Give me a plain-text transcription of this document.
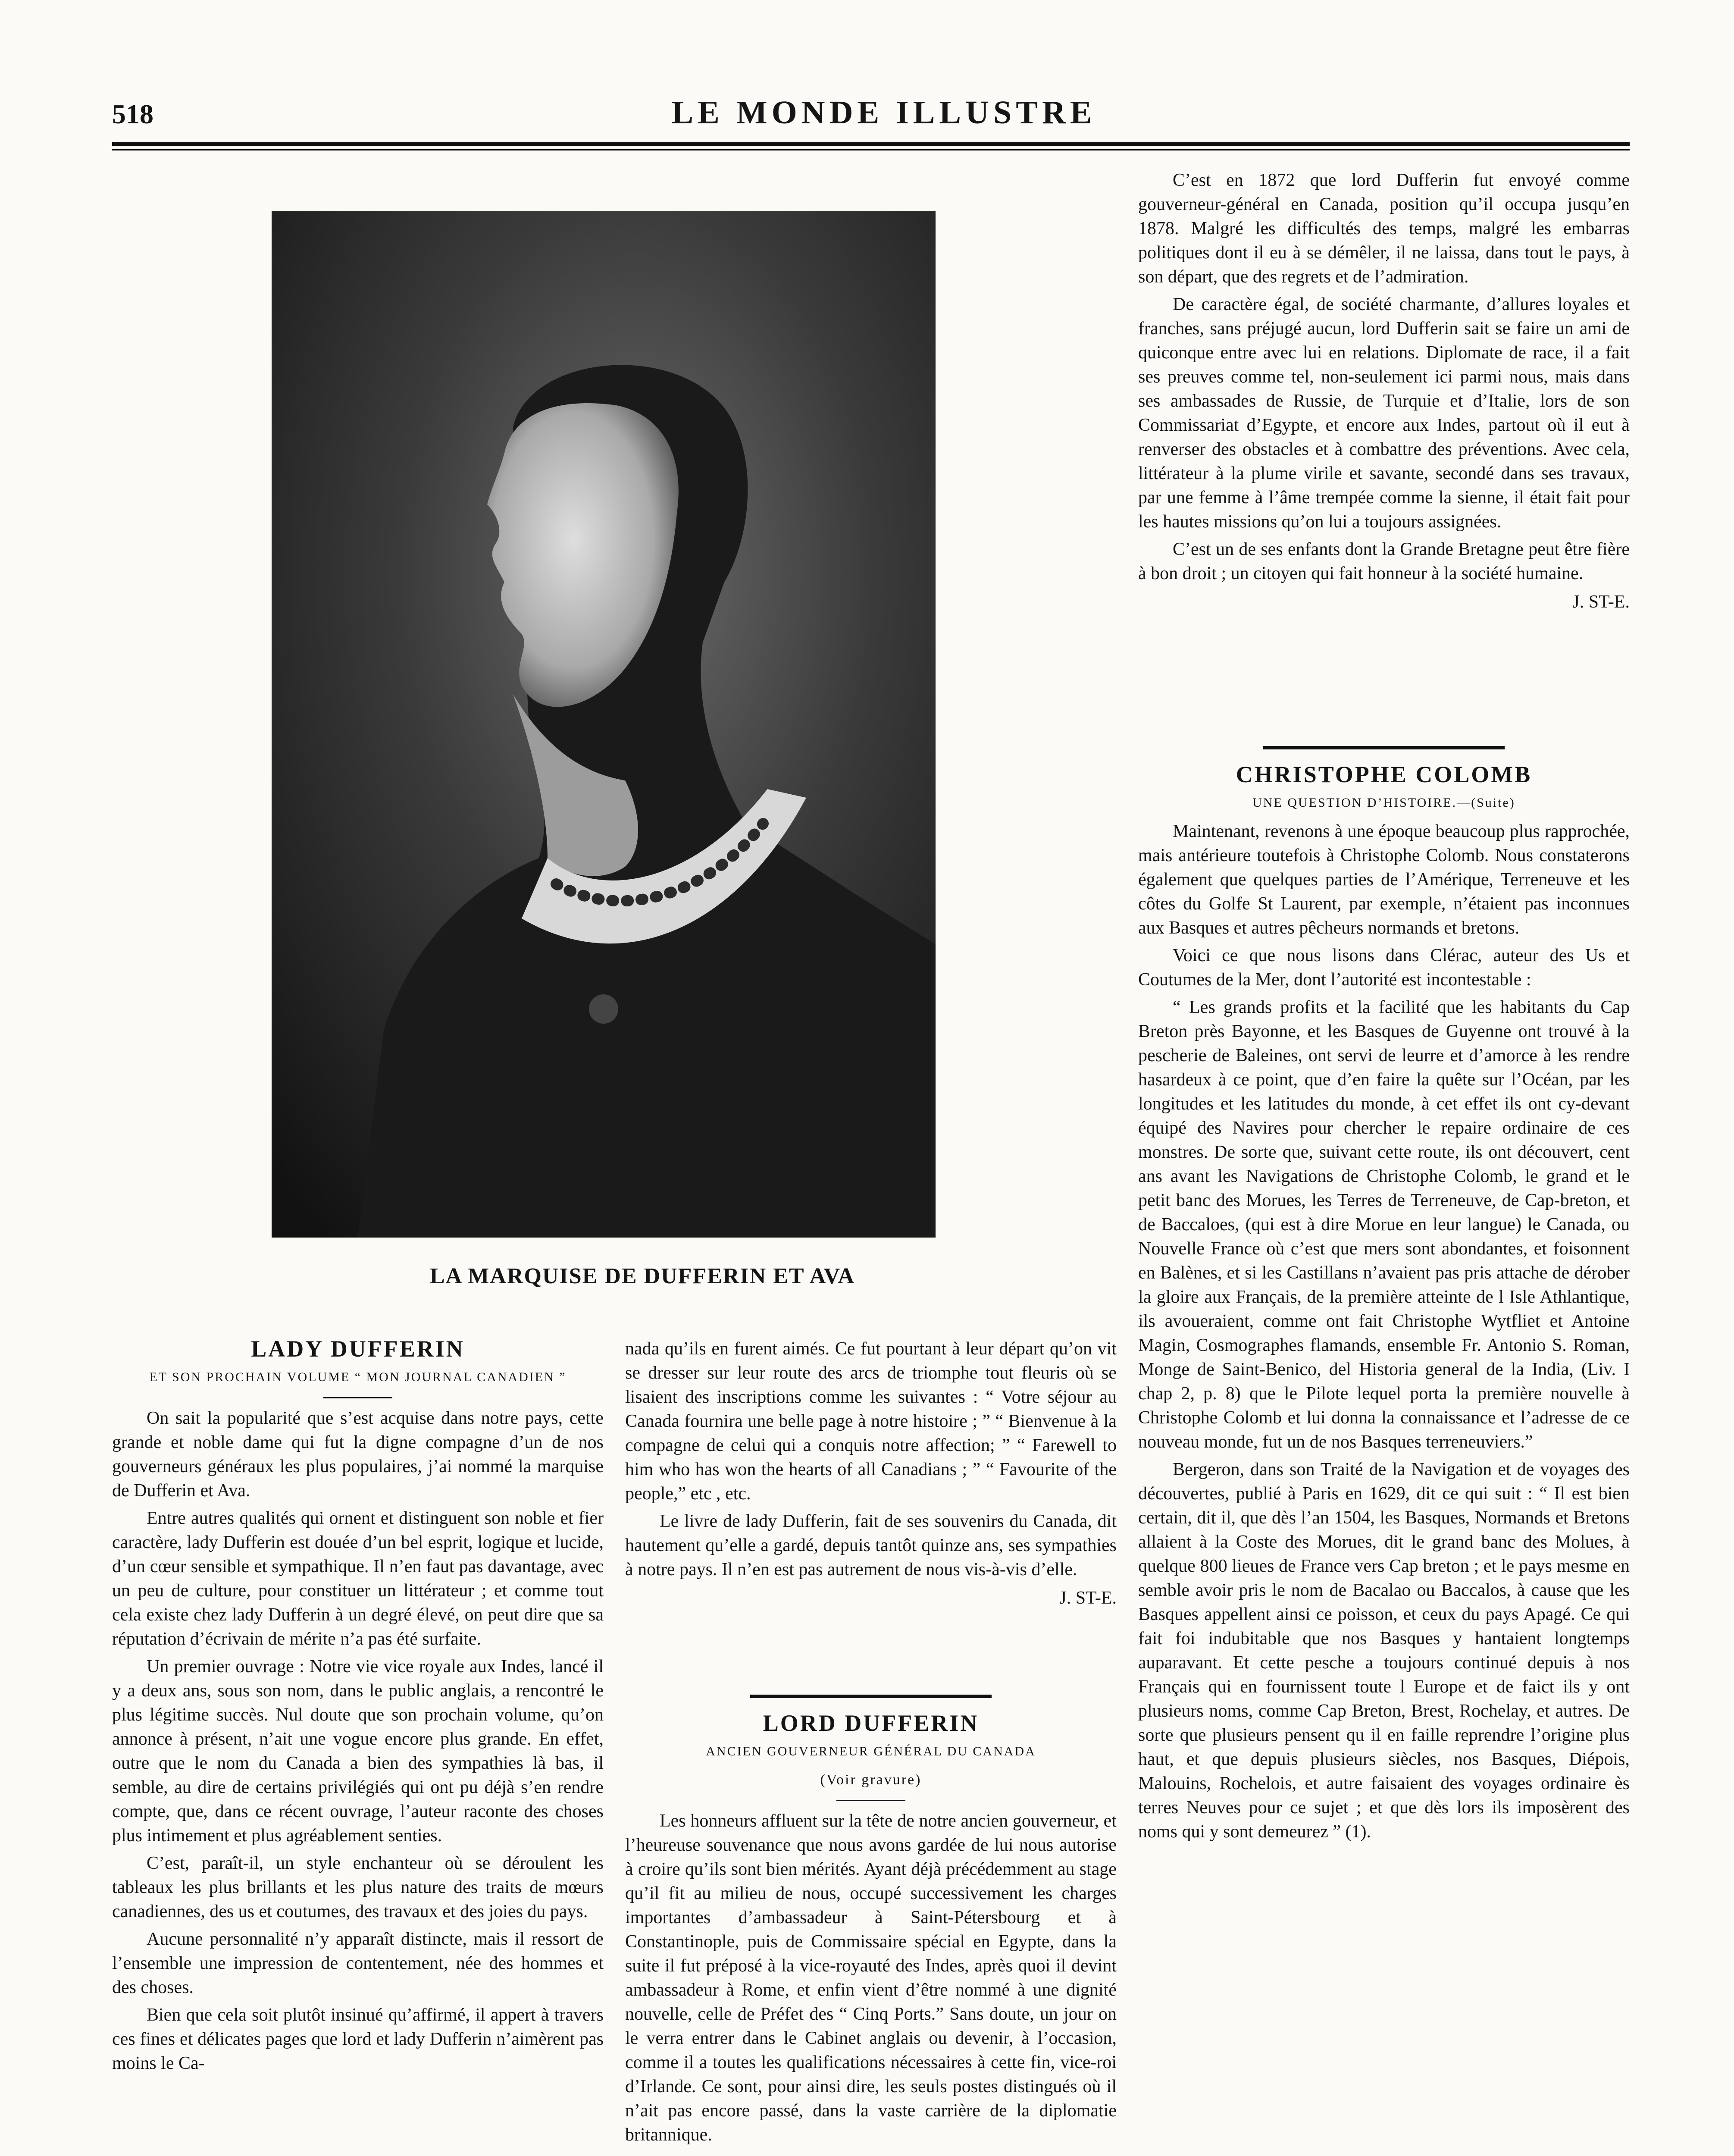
518	LE MONDE ILLUSTRE
LA MARQUISE DE DUFFERIN ET AVA
LADY DUFFERIN
ET SON PROCHAIN VOLUME “ MON JOURNAL CANADIEN ”

On sait la popularité que s’est acquise dans notre pays, cette grande et noble dame qui fut la digne compagne d’un de nos gouverneurs généraux les plus populaires, j’ai nommé la marquise de Dufferin et Ava.

Entre autres qualités qui ornent et distinguent son noble et fier caractère, lady Dufferin est douée d’un bel esprit, logique et lucide, d’un cœur sensible et sympathique. Il n’en faut pas davantage, avec un peu de culture, pour constituer un littérateur ; et comme tout cela existe chez lady Dufferin à un degré élevé, on peut dire que sa réputation d’écrivain de mérite n’a pas été surfaite.

Un premier ouvrage : Notre vie vice royale aux Indes, lancé il y a deux ans, sous son nom, dans le public anglais, a rencontré le plus légitime succès. Nul doute que son prochain volume, qu’on annonce à présent, n’ait une vogue encore plus grande. En effet, outre que le nom du Canada a bien des sympathies là bas, il semble, au dire de certains privilégiés qui ont pu déjà s’en rendre compte, que, dans ce récent ouvrage, l’auteur raconte des choses plus intimement et plus agréablement senties.

C’est, paraît-il, un style enchanteur où se déroulent les tableaux les plus brillants et les plus nature des traits de mœurs canadiennes, des us et coutumes, des travaux et des joies du pays.

Aucune personnalité n’y apparaît distincte, mais il ressort de l’ensemble une impression de contentement, née des hommes et des choses.

Bien que cela soit plutôt insinué qu’affirmé, il appert à travers ces fines et délicates pages que lord et lady Dufferin n’aimèrent pas moins le Ca-

nada qu’ils en furent aimés. Ce fut pourtant à leur départ qu’on vit se dresser sur leur route des arcs de triomphe tout fleuris où se lisaient des inscriptions comme les suivantes : “ Votre séjour au Canada fournira une belle page à notre histoire ; ” “ Bienvenue à la compagne de celui qui a conquis notre affection; ” “ Farewell to him who has won the hearts of all Canadians ; ” “ Favourite of the people,” etc , etc.

Le livre de lady Dufferin, fait de ses souvenirs du Canada, dit hautement qu’elle a gardé, depuis tantôt quinze ans, ses sympathies à notre pays. Il n’en est pas autrement de nous vis-à-vis d’elle.

J. ST-E.
LORD DUFFERIN
ANCIEN GOUVERNEUR GÉNÉRAL DU CANADA
(Voir gravure)

Les honneurs affluent sur la tête de notre ancien gouverneur, et l’heureuse souvenance que nous avons gardée de lui nous autorise à croire qu’ils sont bien mérités. Ayant déjà précédemment au stage qu’il fit au milieu de nous, occupé successivement les charges importantes d’ambassadeur à Saint-Pétersbourg et à Constantinople, puis de Commissaire spécial en Egypte, dans la suite il fut préposé à la vice-royauté des Indes, après quoi il devint ambassadeur à Rome, et enfin vient d’être nommé à une dignité nouvelle, celle de Préfet des “ Cinq Ports.” Sans doute, un jour on le verra entrer dans le Cabinet anglais ou devenir, à l’occasion, comme il a toutes les qualifications nécessaires à cette fin, vice-roi d’Irlande. Ce sont, pour ainsi dire, les seuls postes distingués où il n’ait pas encore passé, dans la vaste carrière de la diplomatie britannique.

C’est en 1872 que lord Dufferin fut envoyé comme gouverneur-général en Canada, position qu’il occupa jusqu’en 1878. Malgré les difficultés des temps, malgré les embarras politiques dont il eu à se démêler, il ne laissa, dans tout le pays, à son départ, que des regrets et de l’admiration.

De caractère égal, de société charmante, d’allures loyales et franches, sans préjugé aucun, lord Dufferin sait se faire un ami de quiconque entre avec lui en relations. Diplomate de race, il a fait ses preuves comme tel, non-seulement ici parmi nous, mais dans ses ambassades de Russie, de Turquie et d’Italie, lors de son Commissariat d’Egypte, et encore aux Indes, partout où il eut à renverser des obstacles et à combattre des préventions. Avec cela, littérateur à la plume virile et savante, secondé dans ses travaux, par une femme à l’âme trempée comme la sienne, il était fait pour les hautes missions qu’on lui a toujours assignées.

C’est un de ses enfants dont la Grande Bretagne peut être fière à bon droit ; un citoyen qui fait honneur à la société humaine.

J. ST-E.
CHRISTOPHE COLOMB
UNE QUESTION D’HISTOIRE.—(Suite)

Maintenant, revenons à une époque beaucoup plus rapprochée, mais antérieure toutefois à Christophe Colomb. Nous constaterons également que quelques parties de l’Amérique, Terreneuve et les côtes du Golfe St Laurent, par exemple, n’étaient pas inconnues aux Basques et autres pêcheurs normands et bretons.

Voici ce que nous lisons dans Clérac, auteur des Us et Coutumes de la Mer, dont l’autorité est incontestable :

“ Les grands profits et la facilité que les habitants du Cap Breton près Bayonne, et les Basques de Guyenne ont trouvé à la pescherie de Baleines, ont servi de leurre et d’amorce à les rendre hasardeux à ce point, que d’en faire la quête sur l’Océan, par les longitudes et les latitudes du monde, à cet effet ils ont cy-devant équipé des Navires pour chercher le repaire ordinaire de ces monstres. De sorte que, suivant cette route, ils ont découvert, cent ans avant les Navigations de Christophe Colomb, le grand et le petit banc des Morues, les Terres de Terreneuve, de Cap-breton, et de Baccaloes, (qui est à dire Morue en leur langue) le Canada, ou Nouvelle France où c’est que mers sont abondantes, et foisonnent en Balènes, et si les Castillans n’avaient pas pris attache de dérober la gloire aux Français, de la première atteinte de l Isle Athlantique, ils avoueraient, comme ont fait Christophe Wytfliet et Antoine Magin, Cosmographes flamands, ensemble Fr. Antonio S. Roman, Monge de Saint-Benico, del Historia general de la India, (Liv. I chap 2, p. 8) que le Pilote lequel porta la première nouvelle à Christophe Colomb et lui donna la connaissance et l’adresse de ce nouveau monde, fut un de nos Basques terreneuviers.”

Bergeron, dans son Traité de la Navigation et de voyages des découvertes, publié à Paris en 1629, dit ce qui suit : “ Il est bien certain, dit il, que dès l’an 1504, les Basques, Normands et Bretons allaient à la Coste des Morues, dit le grand banc des Molues, à quelque 800 lieues de France vers Cap breton ; et le pays mesme en semble avoir pris le nom de Bacalao ou Baccalos, à cause que les Basques appellent ainsi ce poisson, et ceux du pays Apagé. Ce qui fait foi indubitable que nos Basques y hantaient longtemps auparavant. Et cette pesche a toujours continué depuis à nos Français qui en fournissent toute l Europe et de faict ils y ont plusieurs noms, comme Cap Breton, Brest, Rochelay, et autres. De sorte que plusieurs pensent qu il en faille reprendre l’origine plus haut, et que depuis plusieurs siècles, nos Basques, Diépois, Malouins, Rochelois, et autre faisaient des voyages ordinaire ès terres Neuves pour ce sujet ; et que dès lors ils imposèrent des noms qui y sont demeurez ” (1).
